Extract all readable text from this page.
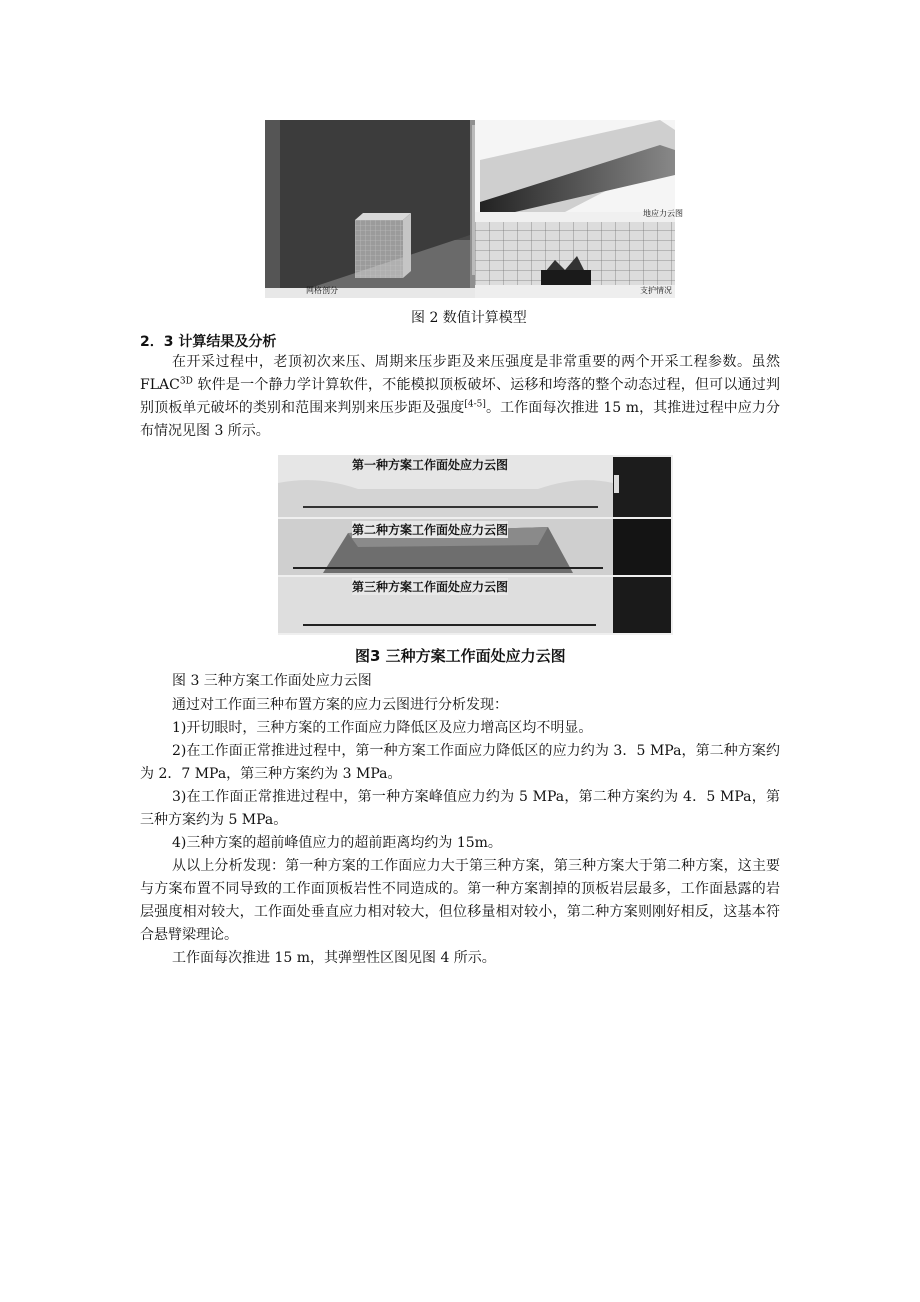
网格剖分
地应力云图
支护情况
图 2 数值计算模型
2．3 计算结果及分析
在开采过程中，老顶初次来压、周期来压步距及来压强度是非常重要的两个开采工程参数。虽然 $FLAC^{3D}$ 软件是一个静力学计算软件，不能模拟顶板破坏、运移和垮落的整个动态过程，但可以通过判别顶板单元破坏的类别和范围来判别来压步距及强度[4-5]。工作面每次推进 15 m，其推进过程中应力分布情况见图 3 所示。
第一种方案工作面处应力云图
第二种方案工作面处应力云图
第三种方案工作面处应力云图
图3 三种方案工作面处应力云图
图 3 三种方案工作面处应力云图
通过对工作面三种布置方案的应力云图进行分析发现：
1)开切眼时，三种方案的工作面应力降低区及应力增高区均不明显。
2)在工作面正常推进过程中，第一种方案工作面应力降低区的应力约为 3．5 MPa，第二种方案约为 2．7 MPa，第三种方案约为 3 MPa。
3)在工作面正常推进过程中，第一种方案峰值应力约为 5 MPa，第二种方案约为 4．5 MPa，第三种方案约为 5 MPa。
4)三种方案的超前峰值应力的超前距离均约为 15m。
从以上分析发现：第一种方案的工作面应力大于第三种方案，第三种方案大于第二种方案，这主要与方案布置不同导致的工作面顶板岩性不同造成的。第一种方案割掉的顶板岩层最多，工作面悬露的岩层强度相对较大，工作面处垂直应力相对较大，但位移量相对较小，第二种方案则刚好相反，这基本符合悬臂梁理论。
工作面每次推进 15 m，其弹塑性区图见图 4 所示。
